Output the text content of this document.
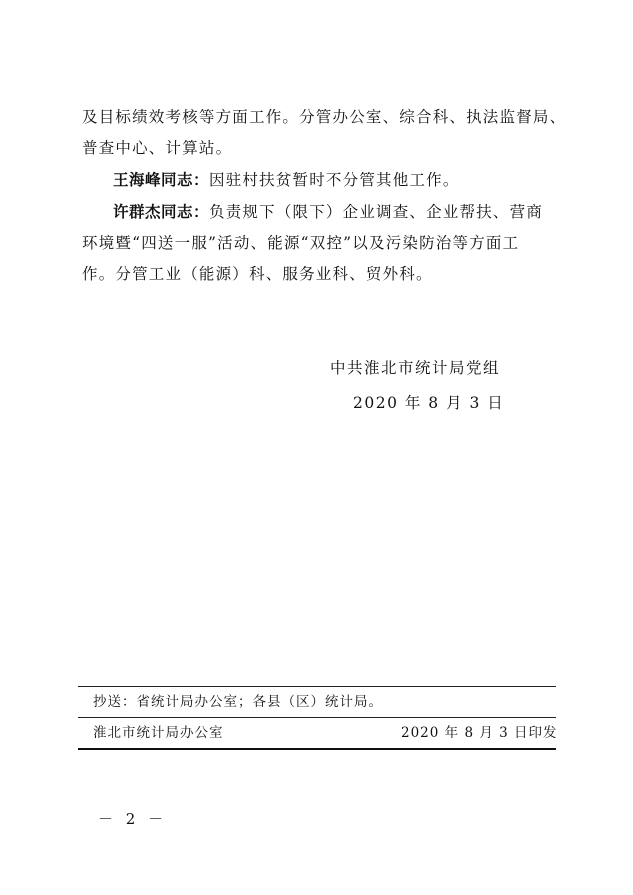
及目标绩效考核等方面工作。分管办公室、综合科、执法监督局、
普查中心、计算站。
王海峰同志：因驻村扶贫暂时不分管其他工作。
许群杰同志：负责规下（限下）企业调查、企业帮扶、营商
环境暨“四送一服”活动、能源“双控”以及污染防治等方面工
作。分管工业（能源）科、服务业科、贸外科。
中共淮北市统计局党组
2020 年 8 月 3 日
抄送：省统计局办公室；各县（区）统计局。
淮北市统计局办公室	2020 年 8 月 3 日印发
－ 2 －
